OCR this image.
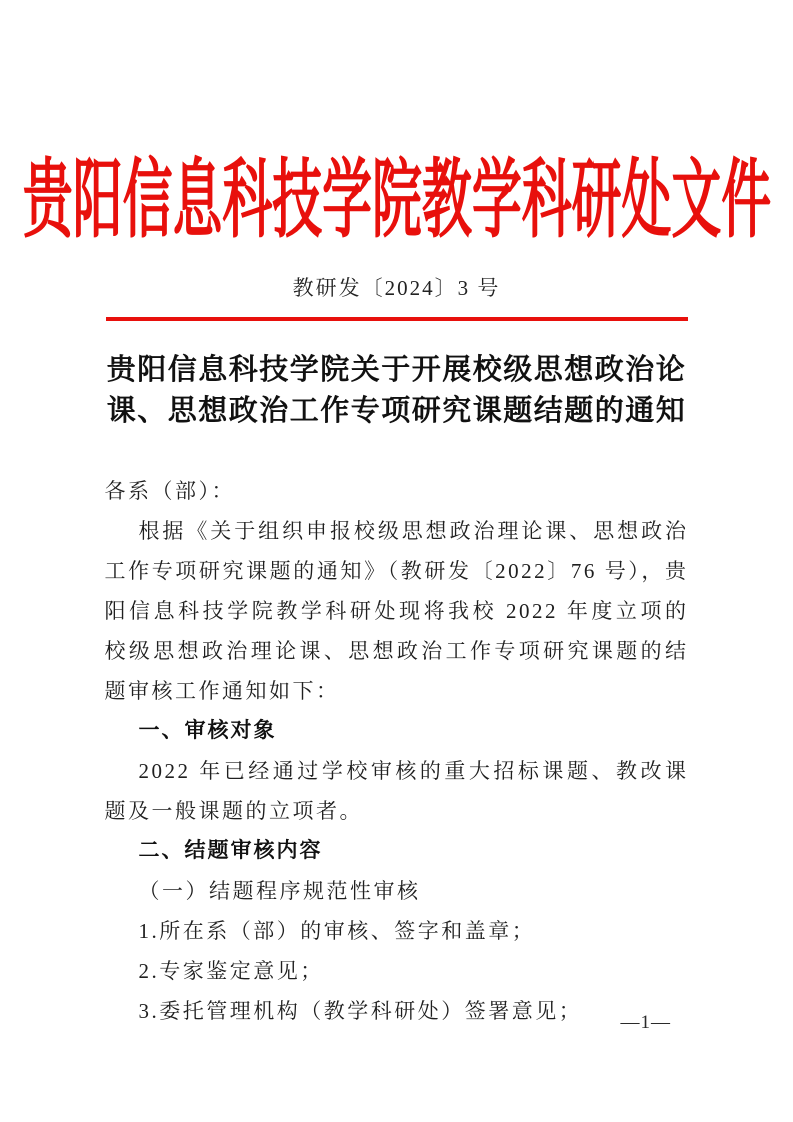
贵阳信息科技学院教学科研处文件
教研发〔2024〕3 号
贵阳信息科技学院关于开展校级思想政治论
课、思想政治工作专项研究课题结题的通知
各系（部）：
根据《关于组织申报校级思想政治理论课、思想政治工作专项研究课题的通知》（教研发〔2022〕76 号），贵阳信息科技学院教学科研处现将我校 2022 年度立项的校级思想政治理论课、思想政治工作专项研究课题的结题审核工作通知如下：
一、审核对象
2022 年已经通过学校审核的重大招标课题、教改课题及一般课题的立项者。
二、结题审核内容
（一）结题程序规范性审核
1.所在系（部）的审核、签字和盖章；
2.专家鉴定意见；
3.委托管理机构（教学科研处）签署意见；	—1—
